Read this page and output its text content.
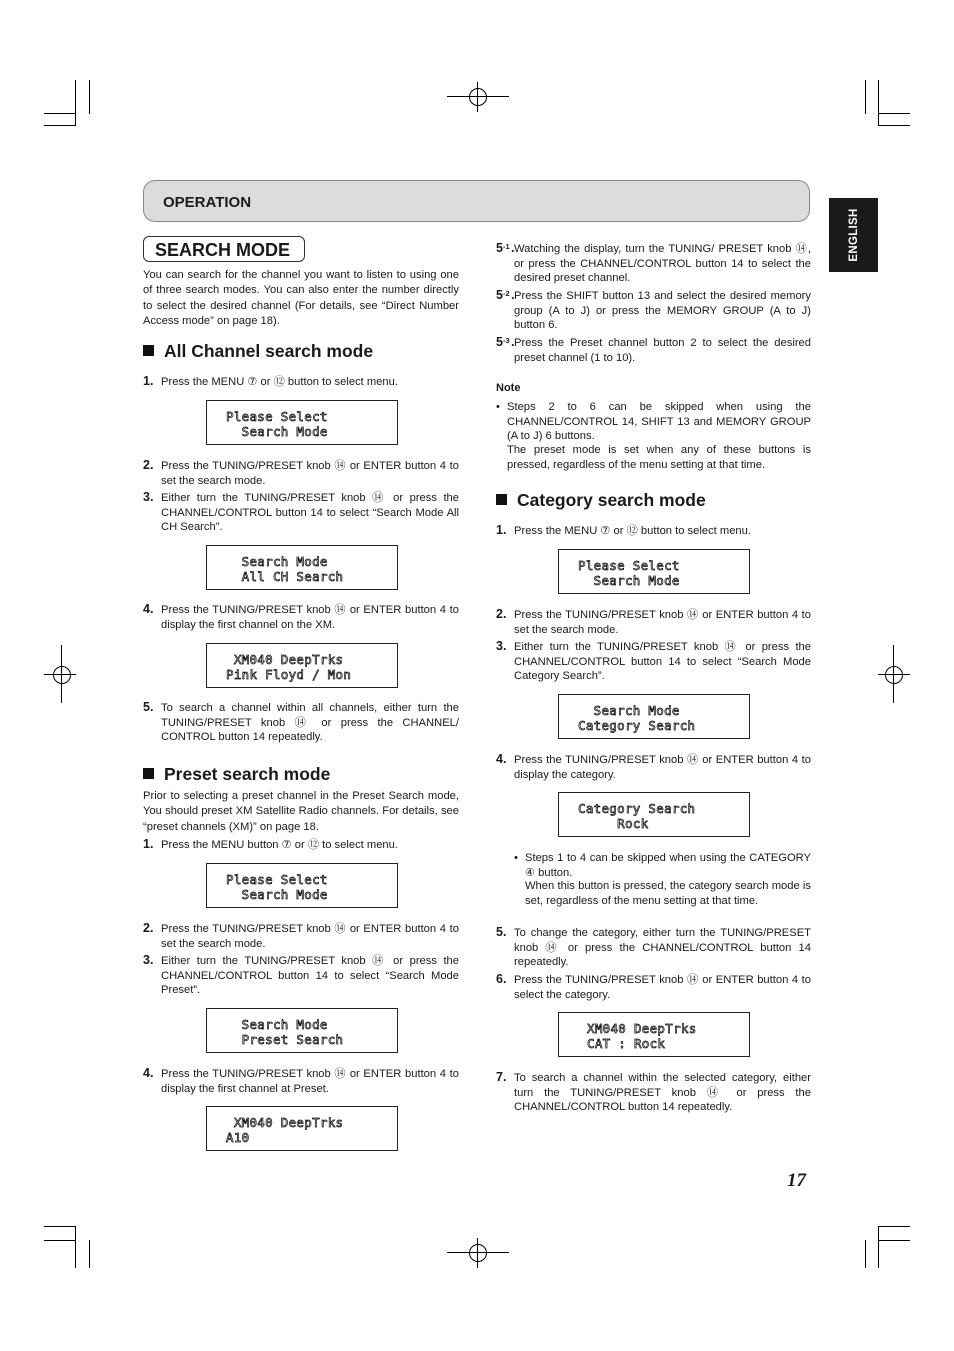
OPERATION
ENGLISH
SEARCH MODE
You can search for the channel you want to listen to using one of three search modes. You can also enter the number directly to select the desired channel (For details, see “Direct Number Access mode” on page 18).
All Channel search mode
1. Press the MENU ⑦ or ⑫ button to select menu.
Please Select
Search Mode
2. Press the TUNING/PRESET knob ⑭ or ENTER button 4 to set the search mode.
3. Either turn the TUNING/PRESET knob ⑭ or press the CHANNEL/CONTROL button 14 to select “Search Mode All CH Search”.
Search Mode
All CH Search
4. Press the TUNING/PRESET knob ⑭ or ENTER button 4 to display the first channel on the XM.
XM040 DeepTrks
Pink Floyd / Mon
5. To search a channel within all channels, either turn the TUNING/PRESET knob ⑭ or press the CHANNEL/ CONTROL button 14 repeatedly.
Preset search mode
Prior to selecting a preset channel in the Preset Search mode, You should preset XM Satellite Radio channels. For details, see “preset channels (XM)” on page 18.
1. Press the MENU button ⑦ or ⑫ to select menu.
Please Select
Search Mode
2. Press the TUNING/PRESET knob ⑭ or ENTER button 4 to set the search mode.
3. Either turn the TUNING/PRESET knob ⑭ or press the CHANNEL/CONTROL button 14 to select “Search Mode Preset”.
Search Mode
Preset Search
4. Press the TUNING/PRESET knob ⑭ or ENTER button 4 to display the first channel at Preset.
XM040 DeepTrks
A10
5 -1 . Watching the display, turn the TUNING/ PRESET knob ⑭, or press the CHANNEL/CONTROL button 14 to select the desired preset channel.
5 -2 . Press the SHIFT button 13 and select the desired memory group (A to J) or press the MEMORY GROUP (A to J) button 6.
5 -3 . Press the Preset channel button 2 to select the desired preset channel (1 to 10).
Note
• Steps 2 to 6 can be skipped when using the CHANNEL/CONTROL 14, SHIFT 13 and MEMORY GROUP (A to J) 6 buttons.
The preset mode is set when any of these buttons is pressed, regardless of the menu setting at that time.
Category search mode
1. Press the MENU ⑦ or ⑫ button to select menu.
Please Select
Search Mode
2. Press the TUNING/PRESET knob ⑭ or ENTER button 4 to set the search mode.
3. Either turn the TUNING/PRESET knob ⑭ or press the CHANNEL/CONTROL button 14 to select “Search Mode Category Search”.
Search Mode
Category Search
4. Press the TUNING/PRESET knob ⑭ or ENTER button 4 to display the category.
Category Search
Rock
• Steps 1 to 4 can be skipped when using the CATEGORY ④ button.
When this button is pressed, the category search mode is set, regardless of the menu setting at that time.
5. To change the category, either turn the TUNING/PRESET knob ⑭ or press the CHANNEL/CONTROL button 14 repeatedly.
6. Press the TUNING/PRESET knob ⑭ or ENTER button 4 to select the category.
XM040 DeepTrks
CAT : Rock
7. To search a channel within the selected category, either turn the TUNING/PRESET knob ⑭ or press the CHANNEL/CONTROL button 14 repeatedly.
17
